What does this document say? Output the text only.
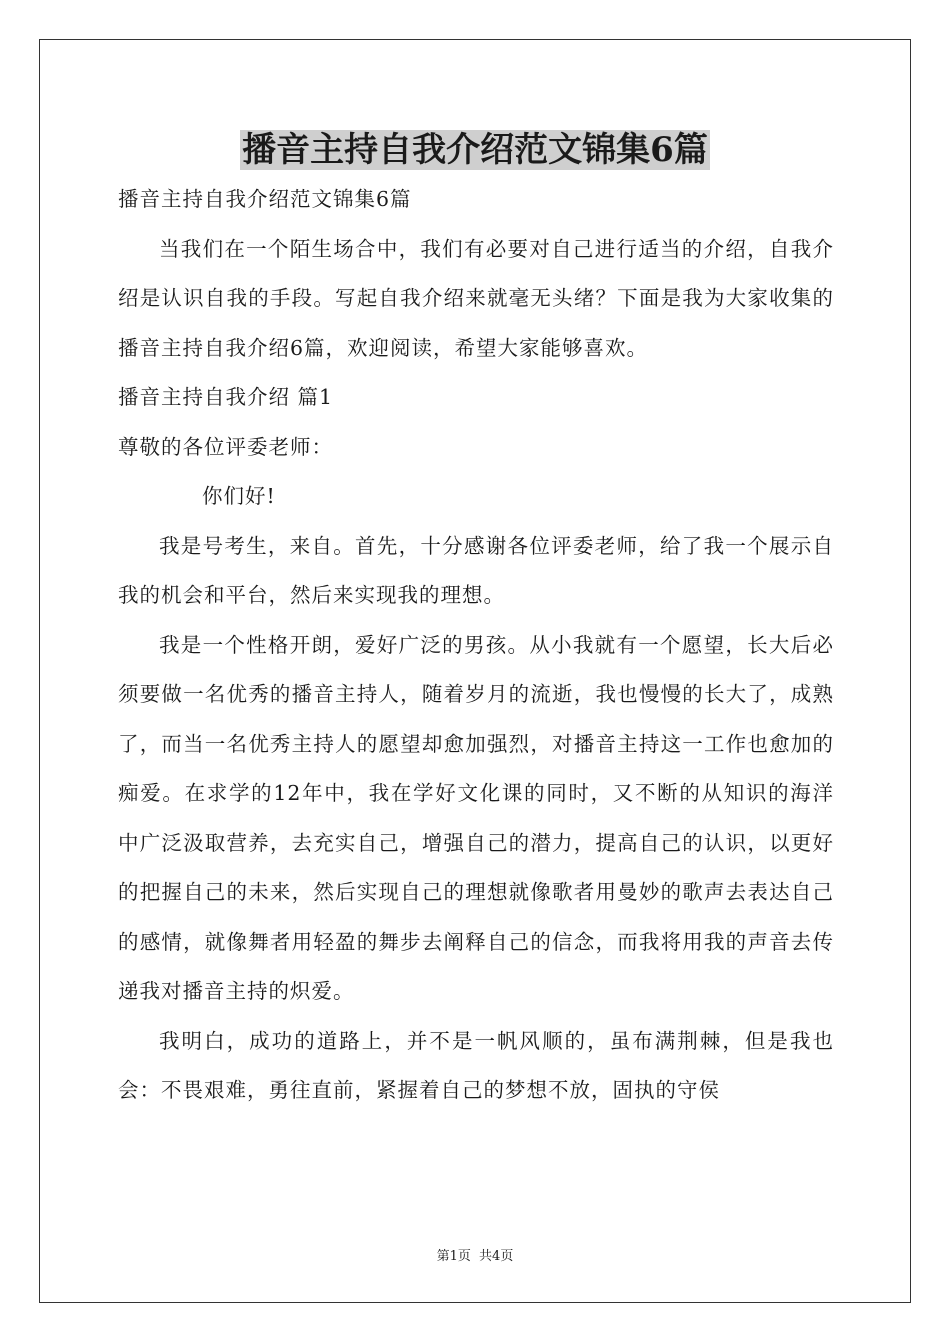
播音主持自我介绍范文锦集6篇

播音主持自我介绍范文锦集6篇

当我们在一个陌生场合中，我们有必要对自己进行适当的介绍，自我介绍是认识自我的手段。写起自我介绍来就毫无头绪？下面是我为大家收集的播音主持自我介绍6篇，欢迎阅读，希望大家能够喜欢。

播音主持自我介绍 篇1

尊敬的各位评委老师：

你们好!

我是号考生，来自。首先，十分感谢各位评委老师，给了我一个展示自我的机会和平台，然后来实现我的理想。

我是一个性格开朗，爱好广泛的男孩。从小我就有一个愿望，长大后必须要做一名优秀的播音主持人，随着岁月的流逝，我也慢慢的长大了，成熟了，而当一名优秀主持人的愿望却愈加强烈，对播音主持这一工作也愈加的痴爱。在求学的12年中，我在学好文化课的同时，又不断的从知识的海洋中广泛汲取营养，去充实自己，增强自己的潜力，提高自己的认识，以更好的把握自己的未来，然后实现自己的理想就像歌者用曼妙的歌声去表达自己的感情，就像舞者用轻盈的舞步去阐释自己的信念，而我将用我的声音去传递我对播音主持的炽爱。

我明白，成功的道路上，并不是一帆风顺的，虽布满荆棘，但是我也会：不畏艰难，勇往直前，紧握着自己的梦想不放，固执的守侯

第1页 共4页
